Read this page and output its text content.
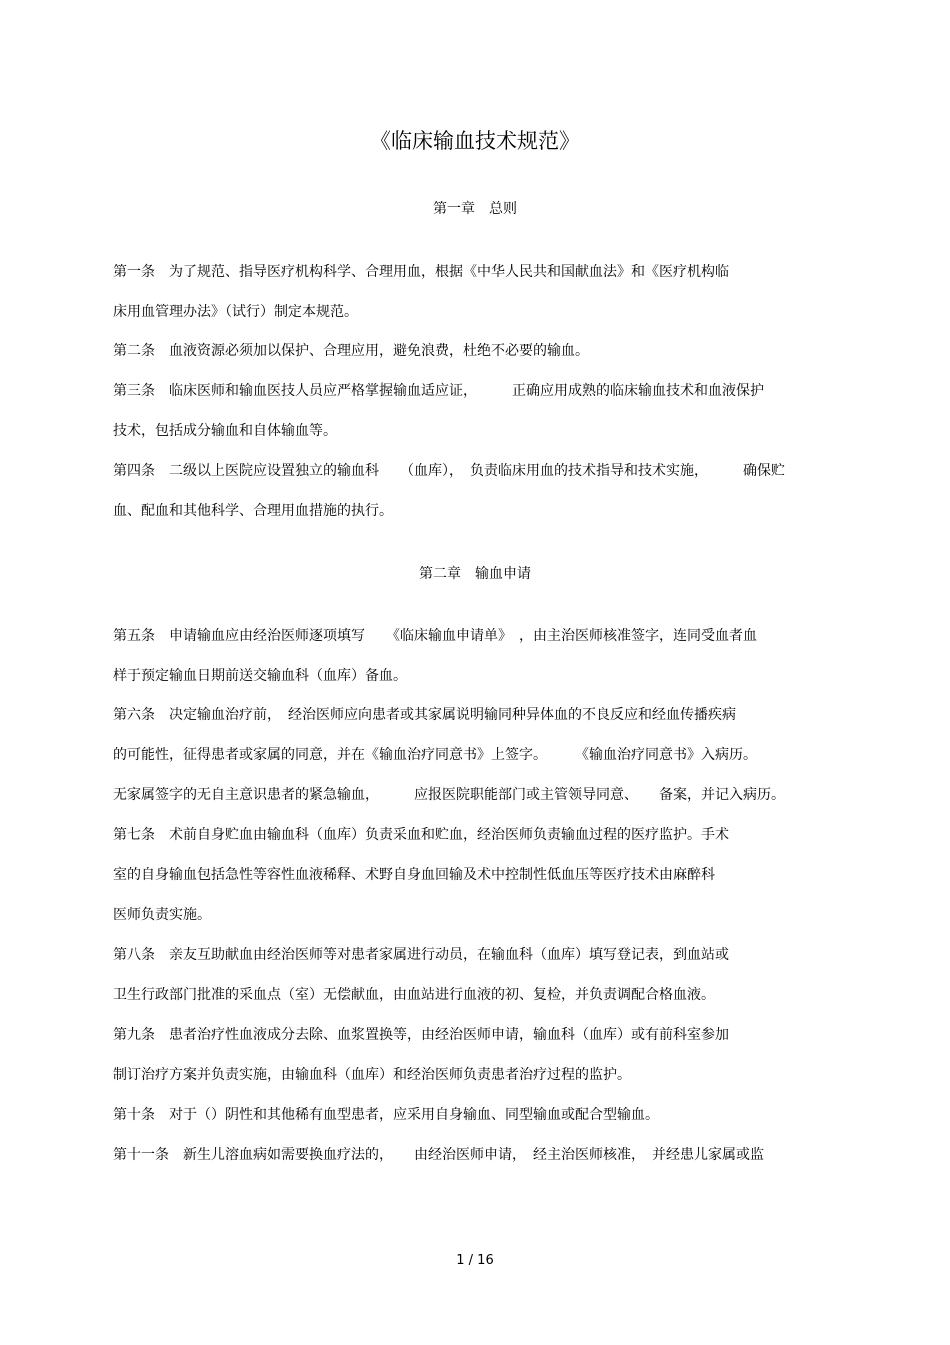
《临床输血技术规范》
第一章　总则
第一条　为了规范、指导医疗机构科学、合理用血，根据《中华人民共和国献血法》和《医疗机构临
床用血管理办法》（试行）制定本规范。
第二条　血液资源必须加以保护、合理应用，避免浪费，杜绝不必要的输血。
第三条　临床医师和输血医技人员应严格掌握输血适应证，　　　正确应用成熟的临床输血技术和血液保护
技术，包括成分输血和自体输血等。
第四条　二级以上医院应设置独立的输血科　　（血库），　负责临床用血的技术指导和技术实施，　　　确保贮
血、配血和其他科学、合理用血措施的执行。
第二章　输血申请
第五条　申请输血应由经治医师逐项填写　　《临床输血申请单》　，由主治医师核准签字，连同受血者血
样于预定输血日期前送交输血科（血库）备血。
第六条　决定输血治疗前，　经治医师应向患者或其家属说明输同种异体血的不良反应和经血传播疾病
的可能性，征得患者或家属的同意，并在《输血治疗同意书》上签字。　　　《输血治疗同意书》入病历。
无家属签字的无自主意识患者的紧急输血，　　　应报医院职能部门或主管领导同意、　　备案，并记入病历。
第七条　术前自身贮血由输血科（血库）负责采血和贮血，经治医师负责输血过程的医疗监护。手术
室的自身输血包括急性等容性血液稀释、术野自身血回输及术中控制性低血压等医疗技术由麻醉科
医师负责实施。
第八条　亲友互助献血由经治医师等对患者家属进行动员，在输血科（血库）填写登记表，到血站或
卫生行政部门批准的采血点（室）无偿献血，由血站进行血液的初、复检，并负责调配合格血液。
第九条　患者治疗性血液成分去除、血浆置换等，由经治医师申请，输血科（血库）或有前科室参加
制订治疗方案并负责实施，由输血科（血库）和经治医师负责患者治疗过程的监护。
第十条　对于（）阴性和其他稀有血型患者，应采用自身输血、同型输血或配合型输血。
第十一条　新生儿溶血病如需要换血疗法的，　　由经治医师申请，　经主治医师核准，　并经患儿家属或监
1 / 16
